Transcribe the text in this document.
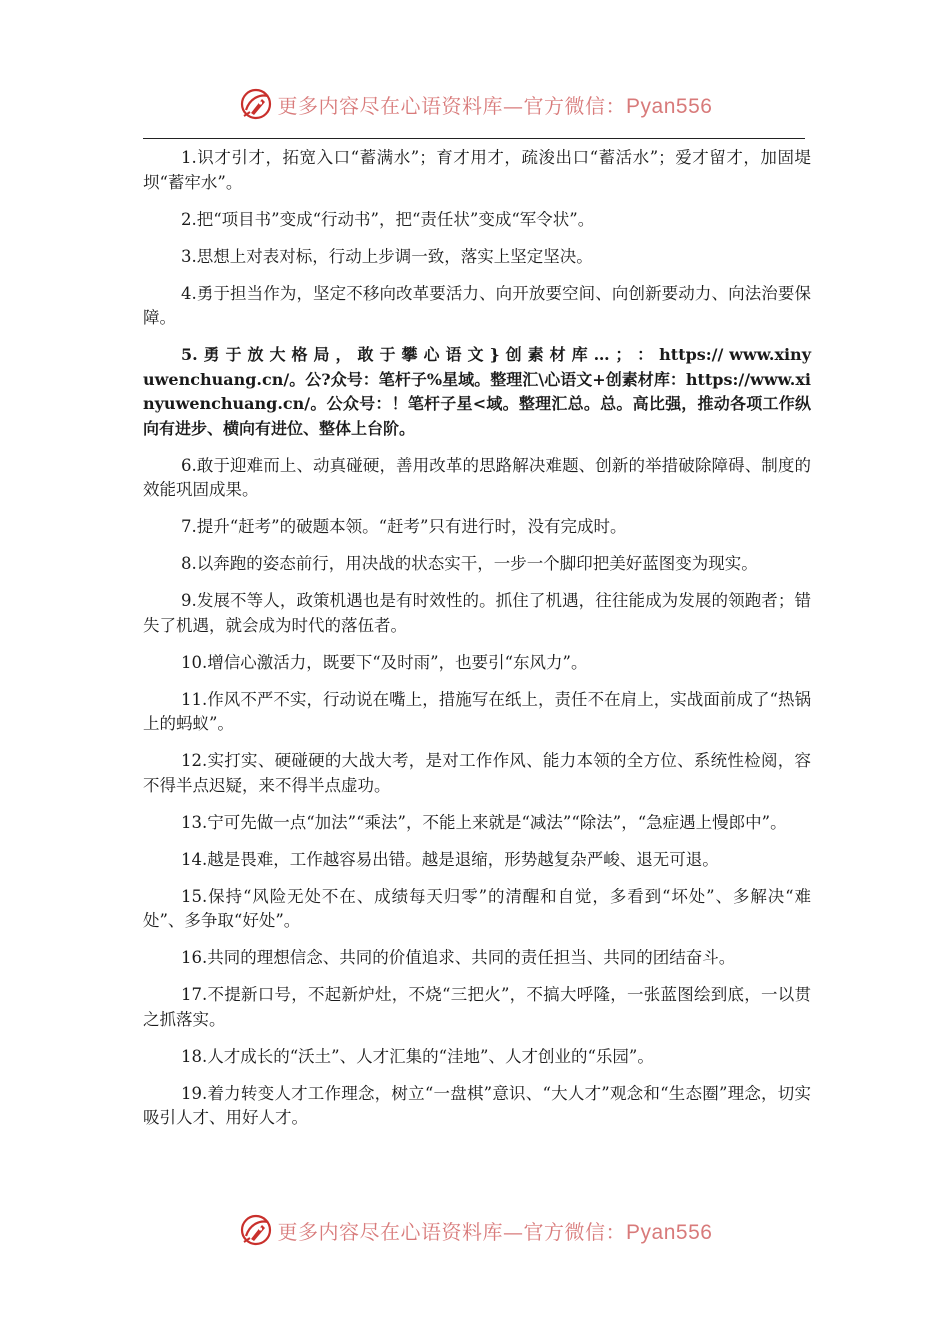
更多内容尽在心语资料库—官方微信：Pyan556

1.识才引才，拓宽入口“蓄满水”；育才用才，疏浚出口“蓄活水”；爱才留才，加固堤坝“蓄牢水”。

2.把“项目书”变成“行动书”，把“责任状”变成“军令状”。

3.思想上对表对标，行动上步调一致，落实上坚定坚决。

4.勇于担当作为，坚定不移向改革要活力、向开放要空间、向创新要动力、向法治要保障。

5. 勇 于 放 大 格 局 ， 敢 于 攀 心 语 文 } 创 素 材 库 … ； ： https:// www.xinyuwenchuang.cn/。公?众号：笔杆子%星域。整理汇\心语文+创素材库：https://www.xinyuwenchuang.cn/。公众号：！笔杆子星<域。整理汇总。总。高比强，推动各项工作纵向有进步、横向有进位、整体上台阶。

6.敢于迎难而上、动真碰硬，善用改革的思路解决难题、创新的举措破除障碍、制度的效能巩固成果。

7.提升“赶考”的破题本领。“赶考”只有进行时，没有完成时。

8.以奔跑的姿态前行，用决战的状态实干，一步一个脚印把美好蓝图变为现实。

9.发展不等人，政策机遇也是有时效性的。抓住了机遇，往往能成为发展的领跑者；错失了机遇，就会成为时代的落伍者。

10.增信心激活力，既要下“及时雨”，也要引“东风力”。

11.作风不严不实，行动说在嘴上，措施写在纸上，责任不在肩上，实战面前成了“热锅上的蚂蚁”。

12.实打实、硬碰硬的大战大考，是对工作作风、能力本领的全方位、系统性检阅，容不得半点迟疑，来不得半点虚功。

13.宁可先做一点“加法”“乘法”，不能上来就是“减法”“除法”，“急症遇上慢郎中”。

14.越是畏难，工作越容易出错。越是退缩，形势越复杂严峻、退无可退。

15.保持“风险无处不在、成绩每天归零”的清醒和自觉，多看到“坏处”、多解决“难处”、多争取“好处”。

16.共同的理想信念、共同的价值追求、共同的责任担当、共同的团结奋斗。

17.不提新口号，不起新炉灶，不烧“三把火”，不搞大呼隆，一张蓝图绘到底，一以贯之抓落实。

18.人才成长的“沃土”、人才汇集的“洼地”、人才创业的“乐园”。

19.着力转变人才工作理念，树立“一盘棋”意识、“大人才”观念和“生态圈”理念，切实吸引人才、用好人才。

更多内容尽在心语资料库—官方微信：Pyan556
